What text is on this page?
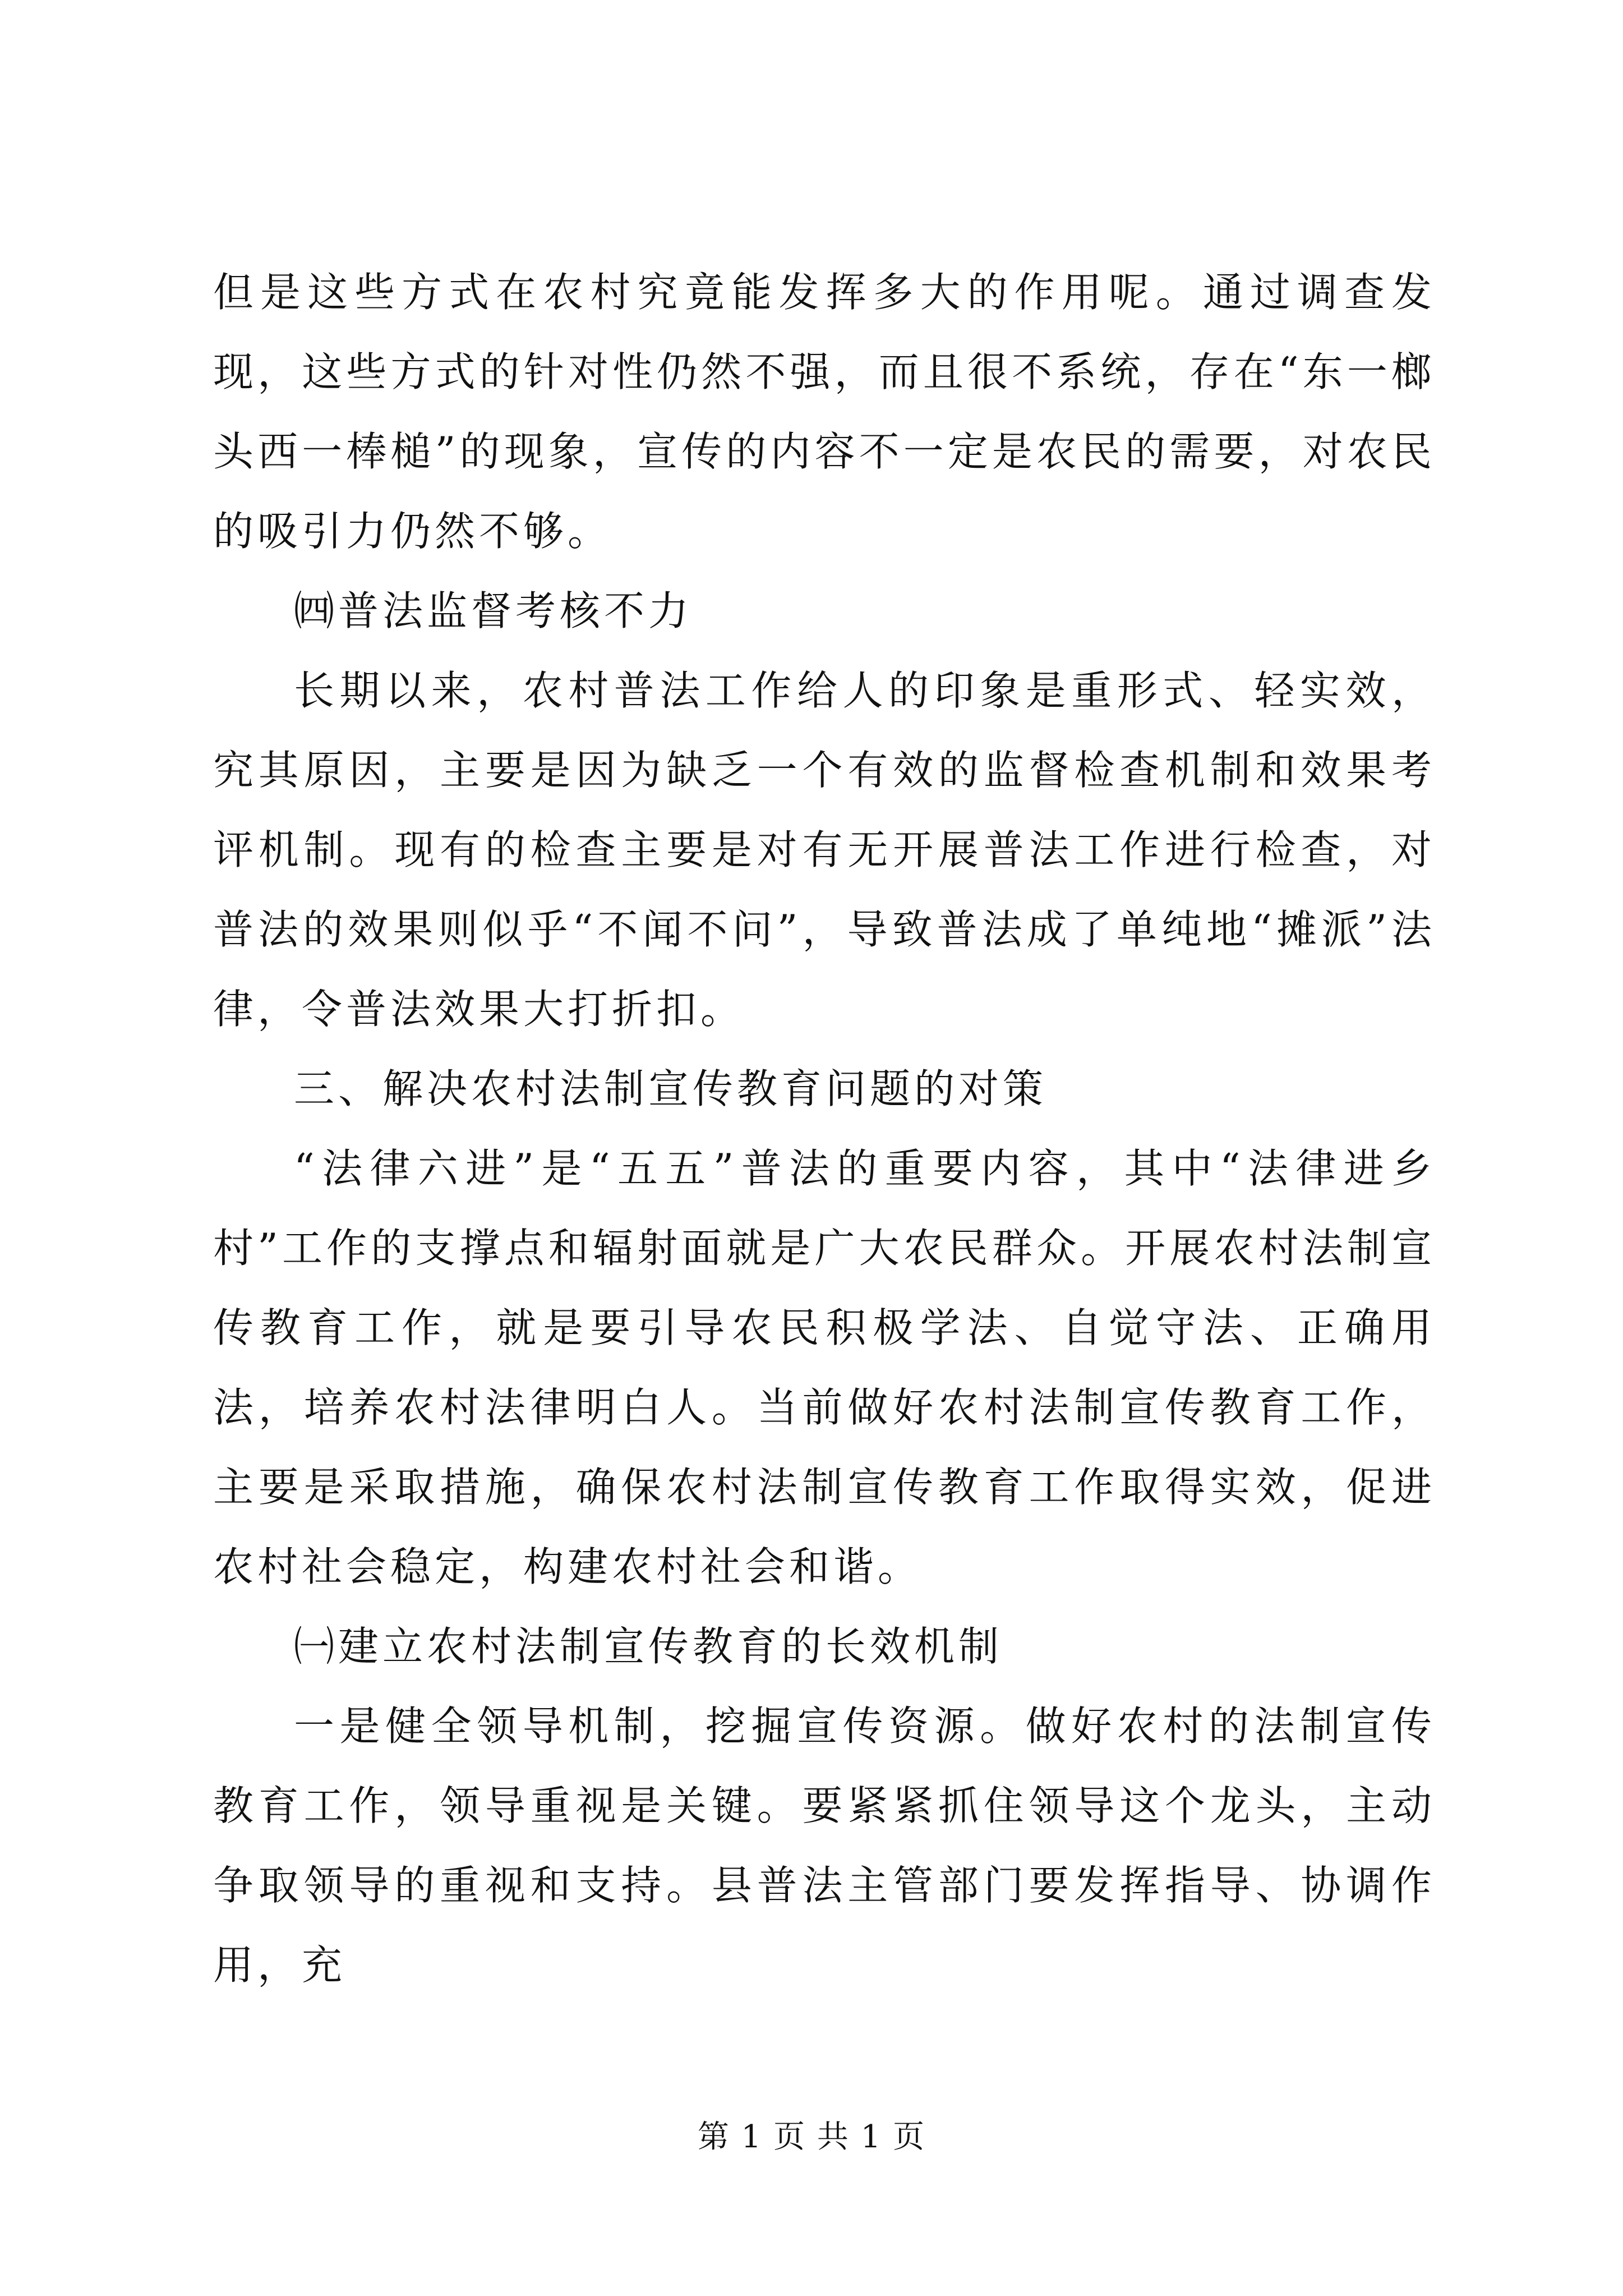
但是这些方式在农村究竟能发挥多大的作用呢。通过调查发现，这些方式的针对性仍然不强，而且很不系统，存在“东一榔头西一棒槌”的现象，宣传的内容不一定是农民的需要，对农民的吸引力仍然不够。

㈣普法监督考核不力

长期以来，农村普法工作给人的印象是重形式、轻实效，究其原因，主要是因为缺乏一个有效的监督检查机制和效果考评机制。现有的检查主要是对有无开展普法工作进行检查，对普法的效果则似乎“不闻不问”，导致普法成了单纯地“摊派”法律，令普法效果大打折扣。

三、解决农村法制宣传教育问题的对策

“法律六进”是“五五”普法的重要内容，其中“法律进乡村”工作的支撑点和辐射面就是广大农民群众。开展农村法制宣传教育工作，就是要引导农民积极学法、自觉守法、正确用法，培养农村法律明白人。当前做好农村法制宣传教育工作，主要是采取措施，确保农村法制宣传教育工作取得实效，促进农村社会稳定，构建农村社会和谐。

㈠建立农村法制宣传教育的长效机制

一是健全领导机制，挖掘宣传资源。做好农村的法制宣传教育工作，领导重视是关键。要紧紧抓住领导这个龙头，主动争取领导的重视和支持。县普法主管部门要发挥指导、协调作用，充

第 1 页 共 1 页
